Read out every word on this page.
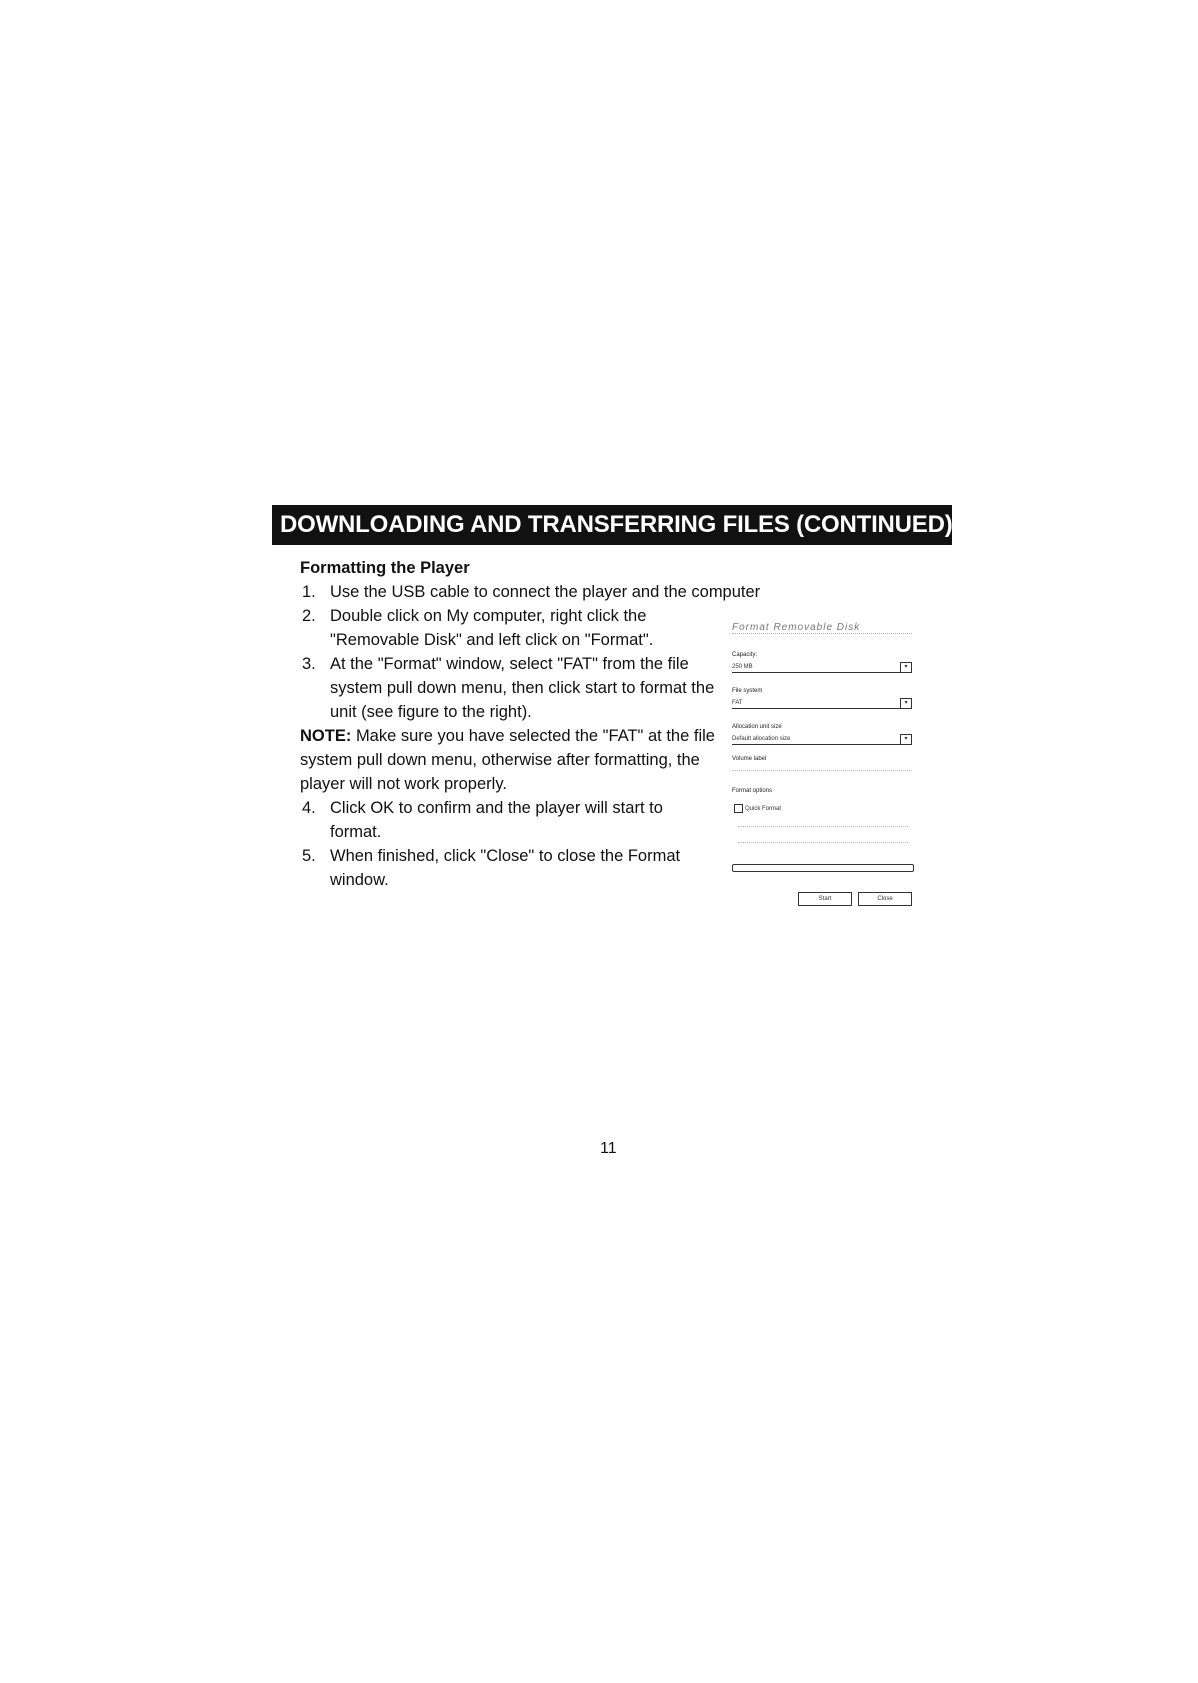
DOWNLOADING AND TRANSFERRING FILES (CONTINUED)
Formatting the Player
1. Use the USB cable to connect the player and the computer
2. Double click on My computer, right click the "Removable Disk" and left click on "Format".
3. At the "Format" window, select "FAT" from the file system pull down menu, then click start to format the unit (see figure to the right).
NOTE: Make sure you have selected the "FAT" at the file system pull down menu, otherwise after formatting, the player will not work properly.
4. Click OK to confirm and the player will start to format.
5. When finished, click "Close" to close the Format window.
Format Removable Disk
Capacity:
250 MB	▾
File system
FAT	▾
Allocation unit size
Default allocation size	▾
Volume label
Format options
Quick Format
Start	Close
11
